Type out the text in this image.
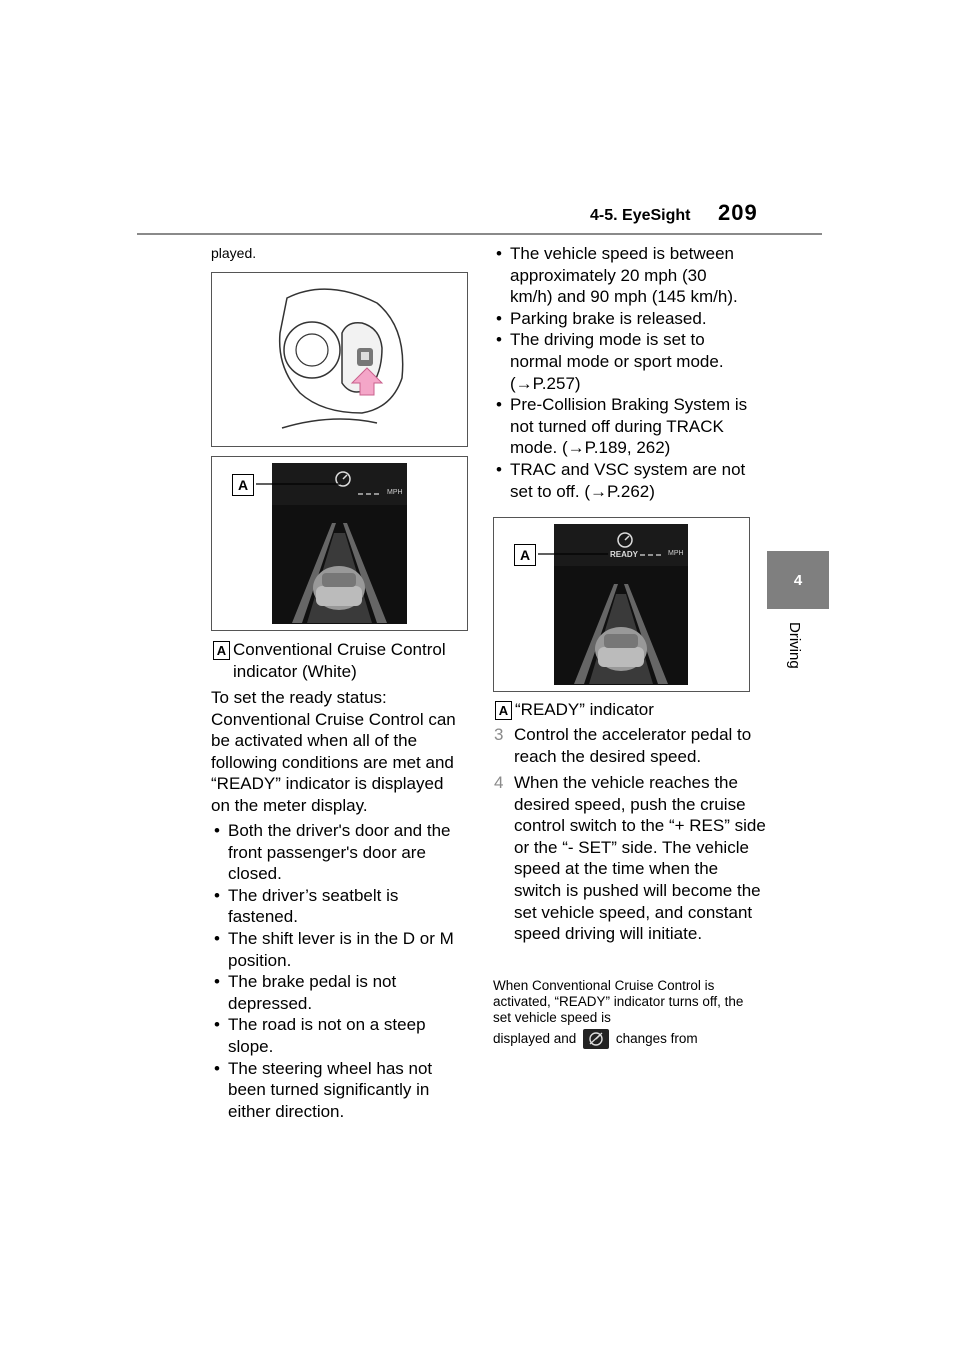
4-5. EyeSight 209
4
Driving
played.
MPH
A
A Conventional Cruise Control indicator (White)
To set the ready status: Conventional Cruise Control can be activated when all of the following conditions are met and “READY” indicator is displayed on the meter display.
• Both the driver's door and the front passenger's door are closed.
• The driver’s seatbelt is fastened.
• The shift lever is in the D or M position.
• The brake pedal is not depressed.
• The road is not on a steep slope.
• The steering wheel has not been turned significantly in either direction.
• The vehicle speed is between approximately 20 mph (30 km/h) and 90 mph (145 km/h).
• Parking brake is released.
• The driving mode is set to normal mode or sport mode. (→P.257)
• Pre-Collision Braking System is not turned off during TRACK mode. (→P.189, 262)
• TRAC and VSC system are not set to off. (→P.262)
READY	MPH
A
A “READY” indicator
3 Control the accelerator pedal to reach the desired speed.
4 When the vehicle reaches the desired speed, push the cruise control switch to the “+ RES” side or the “- SET” side. The vehicle speed at the time when the switch is pushed will become the set vehicle speed, and constant speed driving will initiate.
When Conventional Cruise Control is activated, “READY” indicator turns off, the set vehicle speed is
displayed and	changes from
